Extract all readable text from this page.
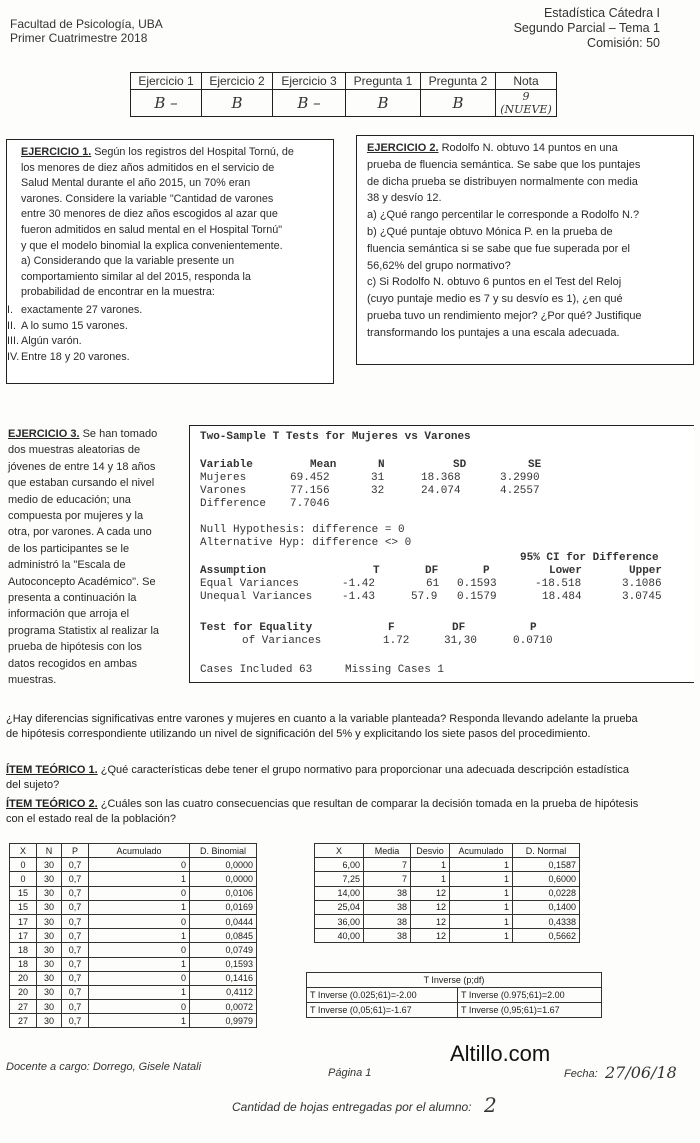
Facultad de Psicología, UBA
Primer Cuatrimestre 2018
Estadística Cátedra I
Segundo Parcial – Tema 1
Comisión: 50
Ejercicio 1	Ejercicio 2	Ejercicio 3	Pregunta 1	Pregunta 2	Nota
B –	B	B –	B	B	9 (NUEVE)
EJERCICIO 1. Según los registros del Hospital Tornú, de
los menores de diez años admitidos en el servicio de
Salud Mental durante el año 2015, un 70% eran
varones. Considere la variable "Cantidad de varones
entre 30 menores de diez años escogidos al azar que
fueron admitidos en salud mental en el Hospital Tornú"
y que el modelo binomial la explica convenientemente.
a) Considerando que la variable presente un
comportamiento similar al del 2015, responda la
probabilidad de encontrar en la muestra:
I. exactamente 27 varones.
II. A lo sumo 15 varones.
III. Algún varón.
IV. Entre 18 y 20 varones.
EJERCICIO 2. Rodolfo N. obtuvo 14 puntos en una
prueba de fluencia semántica. Se sabe que los puntajes
de dicha prueba se distribuyen normalmente con media
38 y desvío 12.
a) ¿Qué rango percentilar le corresponde a Rodolfo N.?
b) ¿Qué puntaje obtuvo Mónica P. en la prueba de
fluencia semántica si se sabe que fue superada por el
56,62% del grupo normativo?
c) Si Rodolfo N. obtuvo 6 puntos en el Test del Reloj
(cuyo puntaje medio es 7 y su desvío es 1), ¿en qué
prueba tuvo un rendimiento mejor? ¿Por qué? Justifique
transformando los puntajes a una escala adecuada.
EJERCICIO 3. Se han tomado
dos muestras aleatorias de
jóvenes de entre 14 y 18 años
que estaban cursando el nivel
medio de educación; una
compuesta por mujeres y la
otra, por varones. A cada uno
de los participantes se le
administró la "Escala de
Autoconcepto Académico". Se
presenta a continuación la
información que arroja el
programa Statistix al realizar la
prueba de hipótesis con los
datos recogidos en ambas
muestras.
Two-Sample T Tests for Mujeres vs Varones
Variable	Mean	N	SD	SE
Mujeres	69.452	31	18.368	3.2990
Varones	77.156	32	24.074	4.2557
Difference 7.7046
Null Hypothesis: difference = 0
Alternative Hyp: difference <> 0
95% CI for Difference
Assumption	T	DF	P	Lower	Upper
Equal Variances	-1.42	61 0.1593	-18.518	3.1086
Unequal Variances	-1.43	57.9 0.1579	18.484	3.0745
Test for Equality	F	DF	P
of Variances	1.72	31,30	0.0710
Cases Included 63	Missing Cases 1
¿Hay diferencias significativas entre varones y mujeres en cuanto a la variable planteada? Responda llevando adelante la prueba
de hipótesis correspondiente utilizando un nivel de significación del 5% y explicitando los siete pasos del procedimiento.
ÍTEM TEÓRICO 1. ¿Qué características debe tener el grupo normativo para proporcionar una adecuada descripción estadística
del sujeto?
ÍTEM TEÓRICO 2. ¿Cuáles son las cuatro consecuencias que resultan de comparar la decisión tomada en la prueba de hipótesis
con el estado real de la población?
X	N	P	Acumulado	D. Binomial
0	30	0,7	0	0,0000
0	30	0,7	1	0,0000
15	30	0,7	0	0,0106
15	30	0,7	1	0,0169
17	30	0,7	0	0,0444
17	30	0,7	1	0,0845
18	30	0,7	0	0,0749
18	30	0,7	1	0,1593
20	30	0,7	0	0,1416
20	30	0,7	1	0,4112
27	30	0,7	0	0,0072
27	30	0,7	1	0,9979
X	Media	Desvio	Acumulado	D. Normal
6,00	7	1	1	0,1587
7,25	7	1	1	0,6000
14,00	38	12	1	0,0228
25,04	38	12	1	0,1400
36,00	38	12	1	0,4338
40,00	38	12	1	0,5662
T Inverse (p;df)	
T Inverse (0.025;61)=-2.00	T Inverse (0.975;61)=2.00
T Inverse (0,05;61)=-1.67	T Inverse (0,95;61)=1.67
Docente a cargo: Dorrego, Gisele Natali	Página 1
Altillo.com
Fecha: 27/06/18
Cantidad de hojas entregadas por el alumno: 2
